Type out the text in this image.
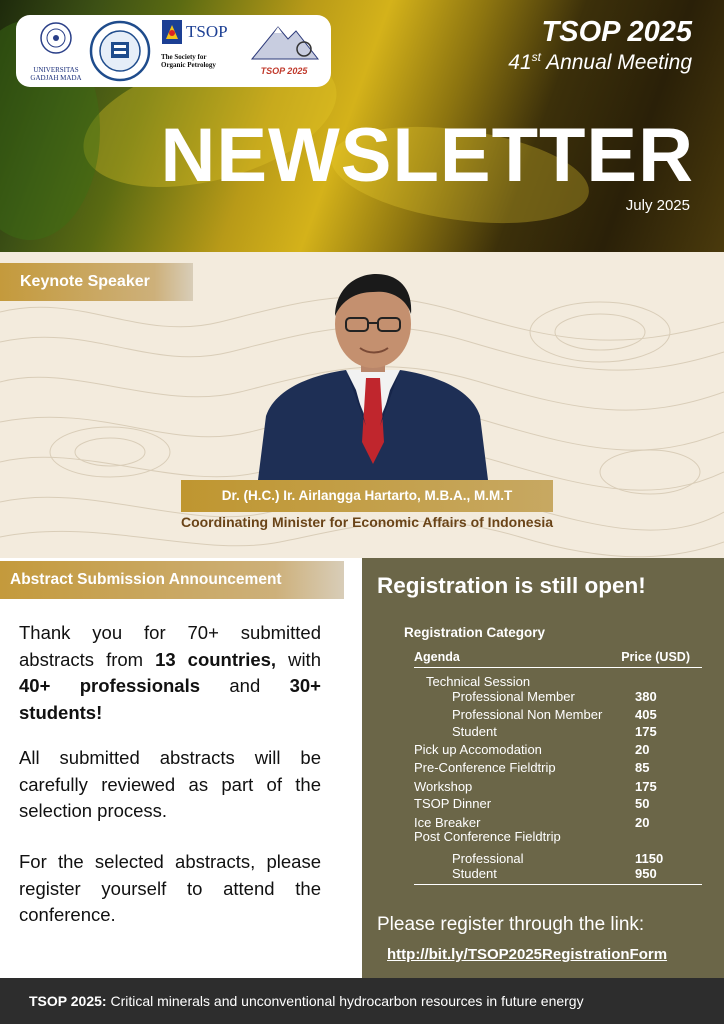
UNIVERSITAS GADJAH MADA
TSOP
The Society for Organic Petrology
TSOP 2025
TSOP 2025
41st Annual Meeting
NEWSLETTER
July 2025
Keynote Speaker
Dr. (H.C.) Ir. Airlangga Hartarto, M.B.A., M.M.T
Coordinating Minister for Economic Affairs of Indonesia
Abstract Submission Announcement

Thank you for 70+ submitted abstracts from 13 countries, with 40+ professionals and 30+ students!

All submitted abstracts will be carefully reviewed as part of the selection process.

For the selected abstracts, please register yourself to attend the conference.

Registration is still open!
Registration Category
Agenda	Price (USD)
Technical Session
Professional Member	380
Professional Non Member	405
Student	175
Pick up Accomodation	20
Pre-Conference Fieldtrip	85
Workshop	175
TSOP Dinner	50
Ice Breaker	20
Post Conference Fieldtrip
Professional	1150
Student	950
Please register through the link:
http://bit.ly/TSOP2025RegistrationForm
TSOP 2025: Critical minerals and unconventional hydrocarbon resources in future energy
